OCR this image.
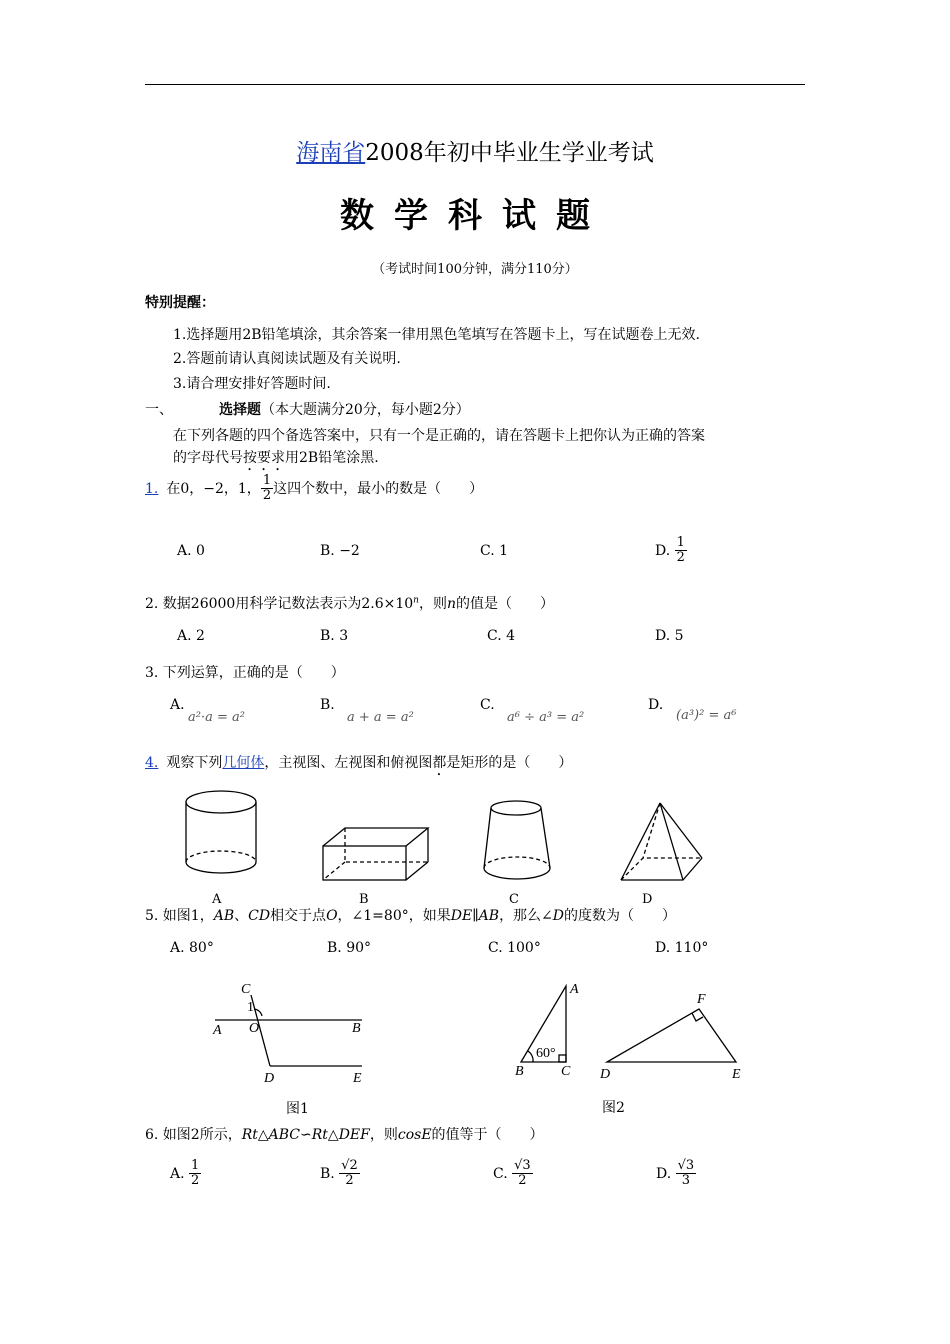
海南省2008年初中毕业生学业考试
数学科试题
（考试时间100分钟，满分110分）
特别提醒：
1.选择题用2B铅笔填涂，其余答案一律用黑色笔填写在答题卡上，写在试题卷上无效.
2.答题前请认真阅读试题及有关说明.
3.请合理安排好答题时间.
一、	选择题（本大题满分20分，每小题2分）
在下列各题的四个备选答案中，只有一个是正确的，请在答题卡上把你认为正确的答案
的字母代号按要求用2B铅笔涂黑.
1. 在0，−2，1， $\frac{1}{2}$ 这四个数中，最小的数是（　　）
A. 0	B. −2	C. 1	D. $\frac{1}{2}$
2. 数据26000用科学记数法表示为$2.6\times 10^n$，则n的值是（　　）
A. 2	B. 3	C. 4	D. 5
3. 下列运算，正确的是（　　）
A.
a²·a = a²
B.
a + a = a²
C.
a⁶ ÷ a³ = a²
D.
(a³)² = a⁶
4. 观察下列几何体，主视图、左视图和俯视图都是矩形的是（　　）
A	B	C	D
5. 如图1，AB、CD相交于点O，∠1=80°，如果DE∥AB，那么∠D的度数为（　　）
A. 80°	B. 90°	C. 100°	D. 110°
C
1
A O	B
D	E
A
60°
B	C
F
D	E
图1	图2
6. 如图2所示，Rt△ABC∽Rt△DEF，则cosE的值等于（　　）
A. $\frac{1}{2}$	B. $\frac{√2}{2}$	C. $\frac{√3}{2}$	D. $\frac{√3}{3}$
